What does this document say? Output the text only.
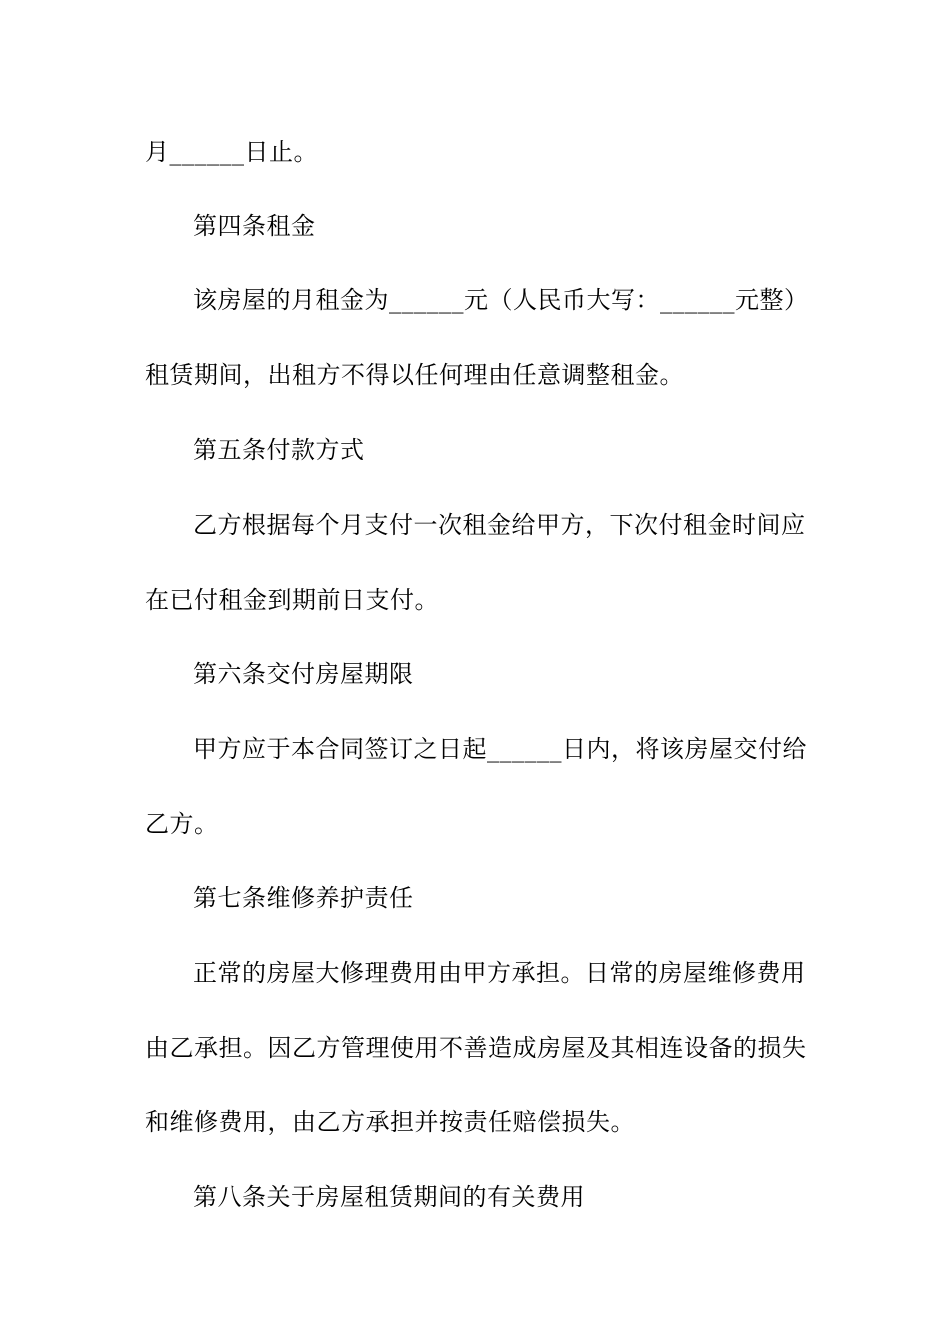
月______日止。
第四条租金
该房屋的月租金为______元（人民币大写：______元整）
租赁期间，出租方不得以任何理由任意调整租金。
第五条付款方式
乙方根据每个月支付一次租金给甲方，下次付租金时间应
在已付租金到期前日支付。
第六条交付房屋期限
甲方应于本合同签订之日起______日内，将该房屋交付给
乙方。
第七条维修养护责任
正常的房屋大修理费用由甲方承担。日常的房屋维修费用
由乙承担。因乙方管理使用不善造成房屋及其相连设备的损失
和维修费用，由乙方承担并按责任赔偿损失。
第八条关于房屋租赁期间的有关费用
